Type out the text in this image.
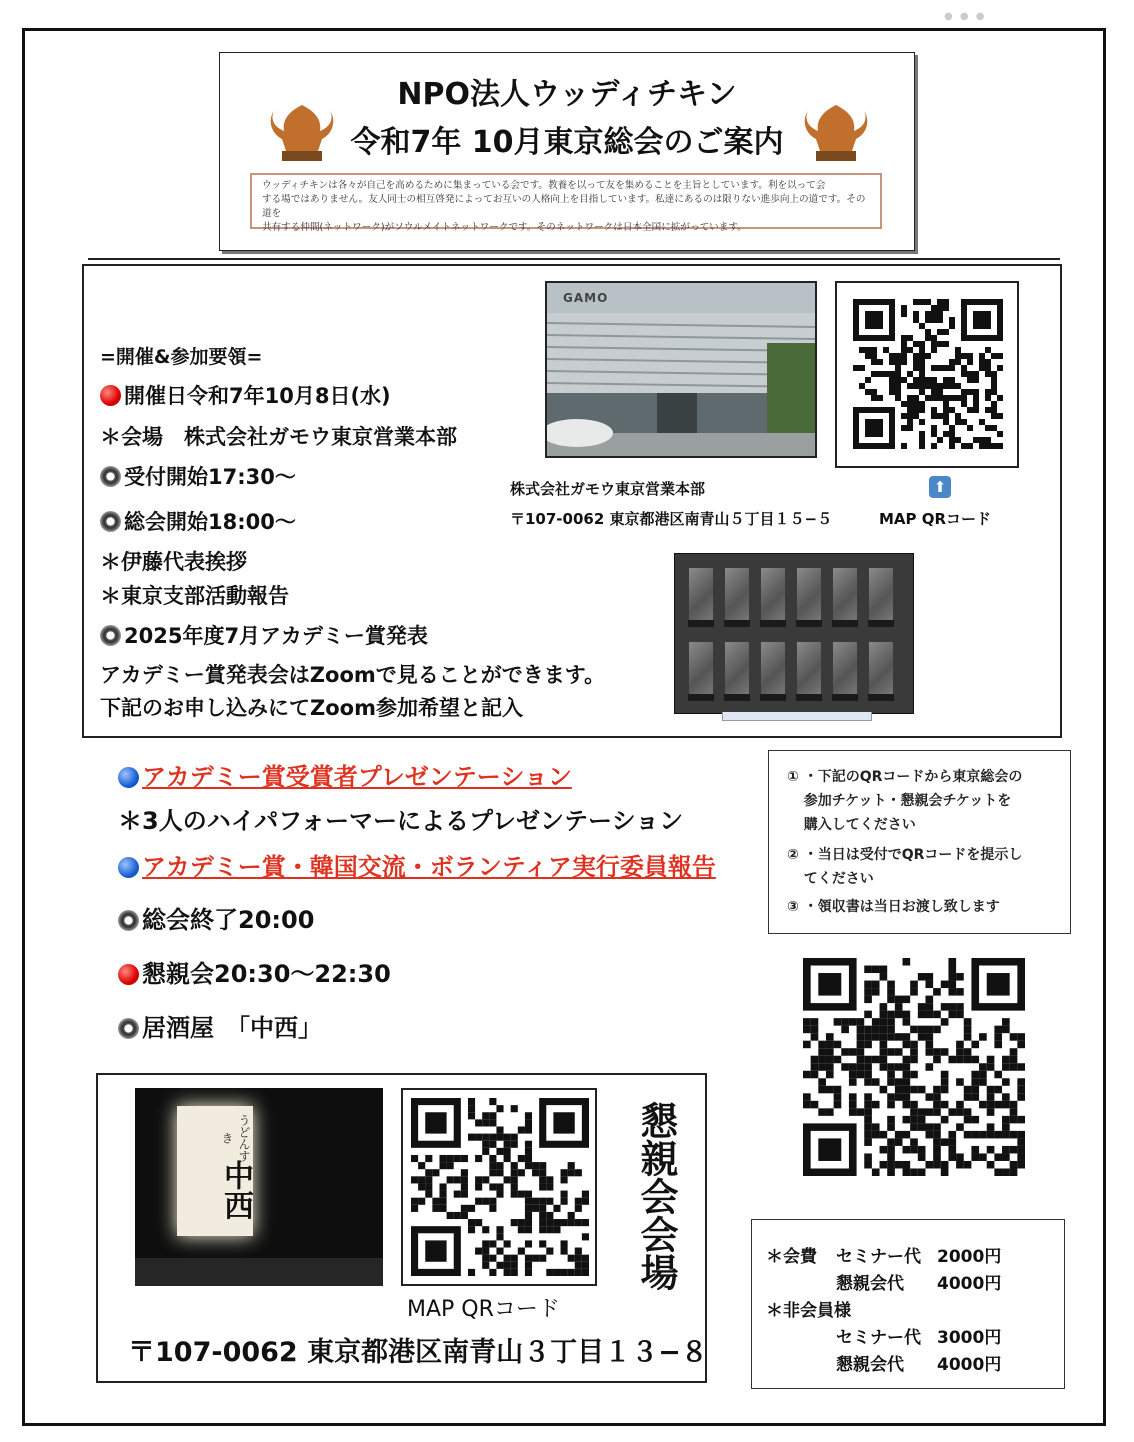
● ● ●
NPO法人ウッディチキン
令和7年 10月東京総会のご案内
ウッディチキンは各々が自己を高めるために集まっている会です。教養を以って友を集めることを主旨としています。利を以って会
する場ではありません。友人同士の相互啓発によってお互いの人格向上を目指しています。私達にあるのは限りない進歩向上の道です。その道を
共有する仲間(ネットワーク)がソウルメイトネットワークです。そのネットワークは日本全国に拡がっています。
=開催&参加要領=
開催日令和7年10月8日(水)
＊会場　株式会社ガモウ東京営業本部
受付開始17:30〜
総会開始18:00〜
＊伊藤代表挨拶
＊東京支部活動報告
2025年度7月アカデミー賞発表
アカデミー賞発表会はZoomで見ることができます。
下記のお申し込みにてZoom参加希望と記入
GAMO
株式会社ガモウ東京営業本部
〒107-0062 東京都港区南青山５丁目１５−５
⬆
MAP QRコード
アカデミー賞受賞者プレゼンテーション
＊3人のハイパフォーマーによるプレゼンテーション
アカデミー賞・韓国交流・ボランティア実行委員報告
総会終了20:00
懇親会20:30〜22:30
居酒屋　「中西」
① ・下記のQRコードから東京総会の
参加チケット・懇親会チケットを
購入してください
② ・当日は受付でQRコードを提示し
てください
③ ・領収書は当日お渡し致します
うどんすき
中西	懇親会会場
MAP QRコード
〒107-0062 東京都港区南青山３丁目１３−８
＊会費 セミナー代 2000円
懇親会代 4000円
＊非会員様
セミナー代 3000円
懇親会代 4000円
